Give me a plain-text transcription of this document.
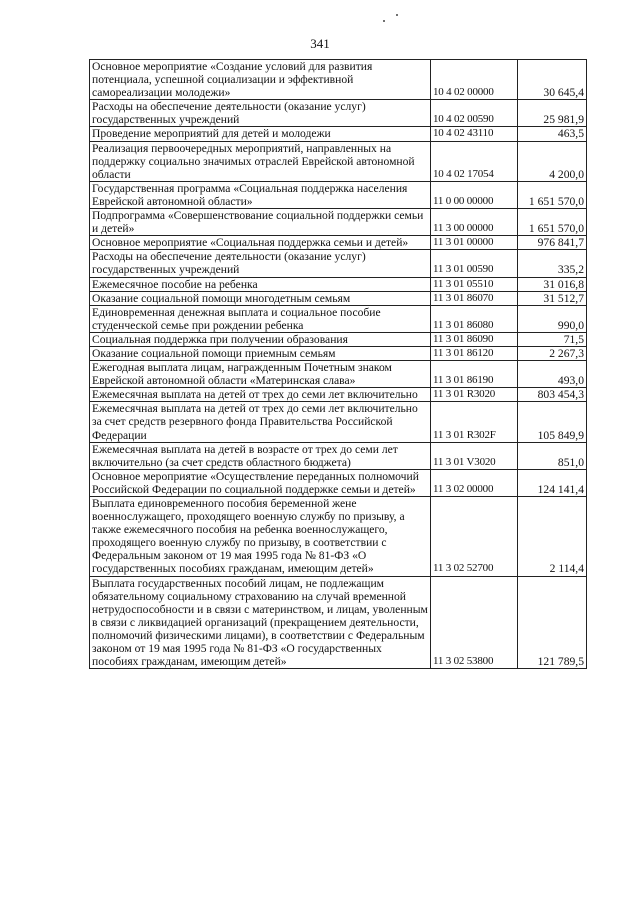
341
Основное мероприятие «Создание условий для развития потенциала, успешной социализации и эффективной самореализации молодежи»	10 4 02 00000	30 645,4
Расходы на обеспечение деятельности (оказание услуг) государственных учреждений	10 4 02 00590	25 981,9
Проведение мероприятий для детей и молодежи	10 4 02 43110	463,5
Реализация первоочередных мероприятий, направленных на поддержку социально значимых отраслей Еврейской автономной области	10 4 02 17054	4 200,0
Государственная программа «Социальная поддержка населения Еврейской автономной области»	11 0 00 00000	1 651 570,0
Подпрограмма «Совершенствование социальной поддержки семьи и детей»	11 3 00 00000	1 651 570,0
Основное мероприятие «Социальная поддержка семьи и детей»	11 3 01 00000	976 841,7
Расходы на обеспечение деятельности (оказание услуг) государственных учреждений	11 3 01 00590	335,2
Ежемесячное пособие на ребенка	11 3 01 05510	31 016,8
Оказание социальной помощи многодетным семьям	11 3 01 86070	31 512,7
Единовременная денежная выплата и социальное пособие студенческой семье при рождении ребенка	11 3 01 86080	990,0
Социальная поддержка при получении образования	11 3 01 86090	71,5
Оказание социальной помощи приемным семьям	11 3 01 86120	2 267,3
Ежегодная выплата лицам, награжденным Почетным знаком Еврейской автономной области «Материнская слава»	11 3 01 86190	493,0
Ежемесячная выплата на детей от трех до семи лет включительно	11 3 01 R3020	803 454,3
Ежемесячная выплата на детей от трех до семи лет включительно за счет средств резервного фонда Правительства Российской Федерации	11 3 01 R302F	105 849,9
Ежемесячная выплата на детей в возрасте от трех до семи лет включительно (за счет средств областного бюджета)	11 3 01 V3020	851,0
Основное мероприятие «Осуществление переданных полномочий Российской Федерации по социальной поддержке семьи и детей»	11 3 02 00000	124 141,4
Выплата единовременного пособия беременной жене военнослужащего, проходящего военную службу по призыву, а также ежемесячного пособия на ребенка военнослужащего, проходящего военную службу по призыву, в соответствии с Федеральным законом от 19 мая 1995 года № 81-ФЗ «О государственных пособиях гражданам, имеющим детей»	11 3 02 52700	2 114,4
Выплата государственных пособий лицам, не подлежащим обязательному социальному страхованию на случай временной нетрудоспособности и в связи с материнством, и лицам, уволенным в связи с ликвидацией организаций (прекращением деятельности, полномочий физическими лицами), в соответствии с Федеральным законом от 19 мая 1995 года № 81-ФЗ «О государственных пособиях гражданам, имеющим детей»	11 3 02 53800	121 789,5
